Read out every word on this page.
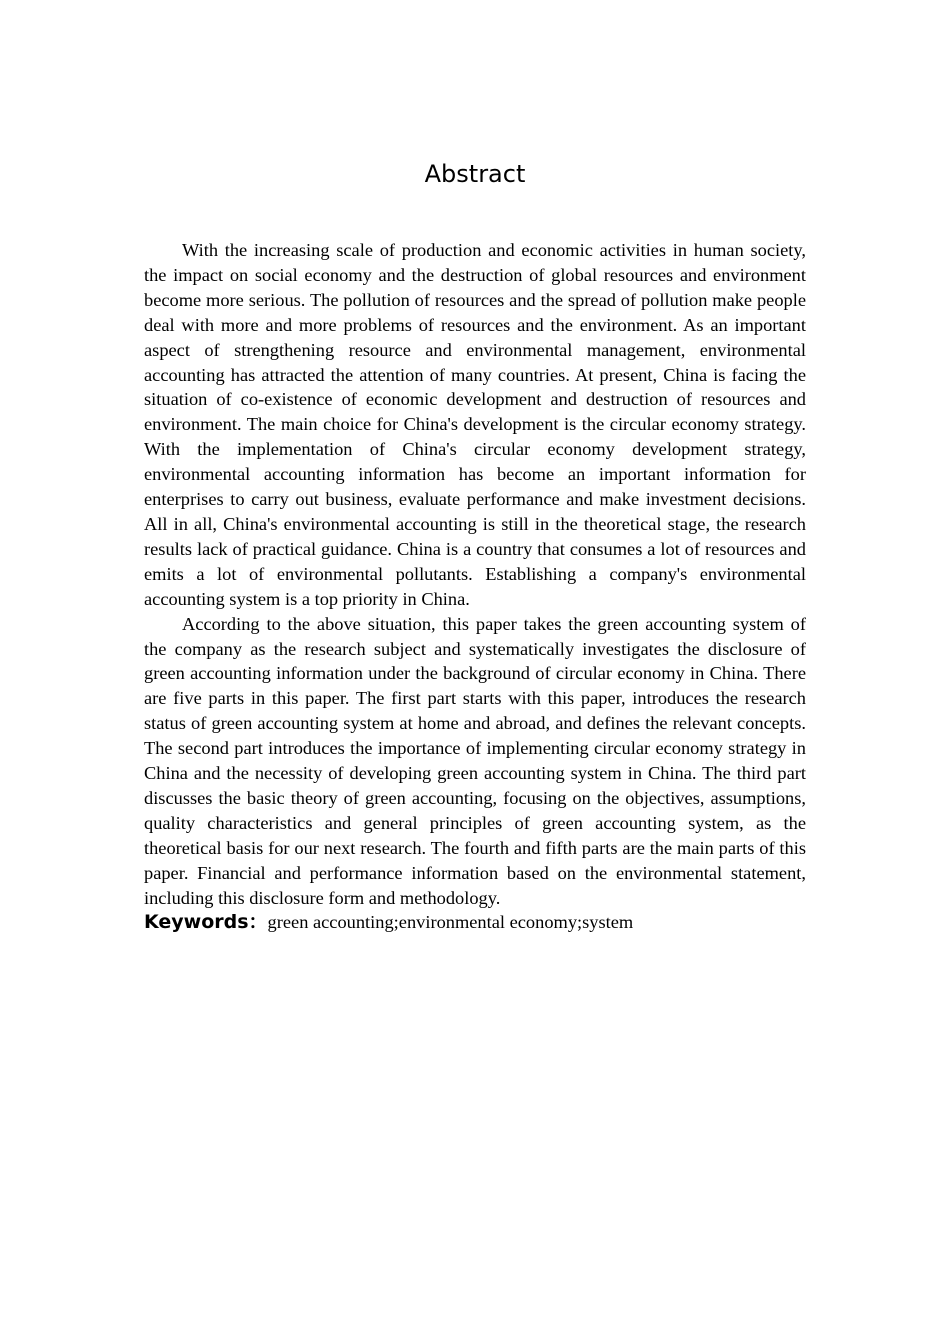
Abstract

With the increasing scale of production and economic activities in human society, the impact on social economy and the destruction of global resources and environment become more serious. The pollution of resources and the spread of pollution make people deal with more and more problems of resources and the environment. As an important aspect of strengthening resource and environmental management, environmental accounting has attracted the attention of many countries. At present, China is facing the situation of co-existence of economic development and destruction of resources and environment. The main choice for China's development is the circular economy strategy. With the implementation of China's circular economy development strategy, environmental accounting information has become an important information for enterprises to carry out business, evaluate performance and make investment decisions. All in all, China's environmental accounting is still in the theoretical stage, the research results lack of practical guidance. China is a country that consumes a lot of resources and emits a lot of environmental pollutants. Establishing a company's environmental accounting system is a top priority in China.

According to the above situation, this paper takes the green accounting system of the company as the research subject and systematically investigates the disclosure of green accounting information under the background of circular economy in China. There are five parts in this paper. The first part starts with this paper, introduces the research status of green accounting system at home and abroad, and defines the relevant concepts. The second part introduces the importance of implementing circular economy strategy in China and the necessity of developing green accounting system in China. The third part discusses the basic theory of green accounting, focusing on the objectives, assumptions, quality characteristics and general principles of green accounting system, as the theoretical basis for our next research. The fourth and fifth parts are the main parts of this paper. Financial and performance information based on the environmental statement, including this disclosure form and methodology.

Keywords：green accounting;environmental economy;system
